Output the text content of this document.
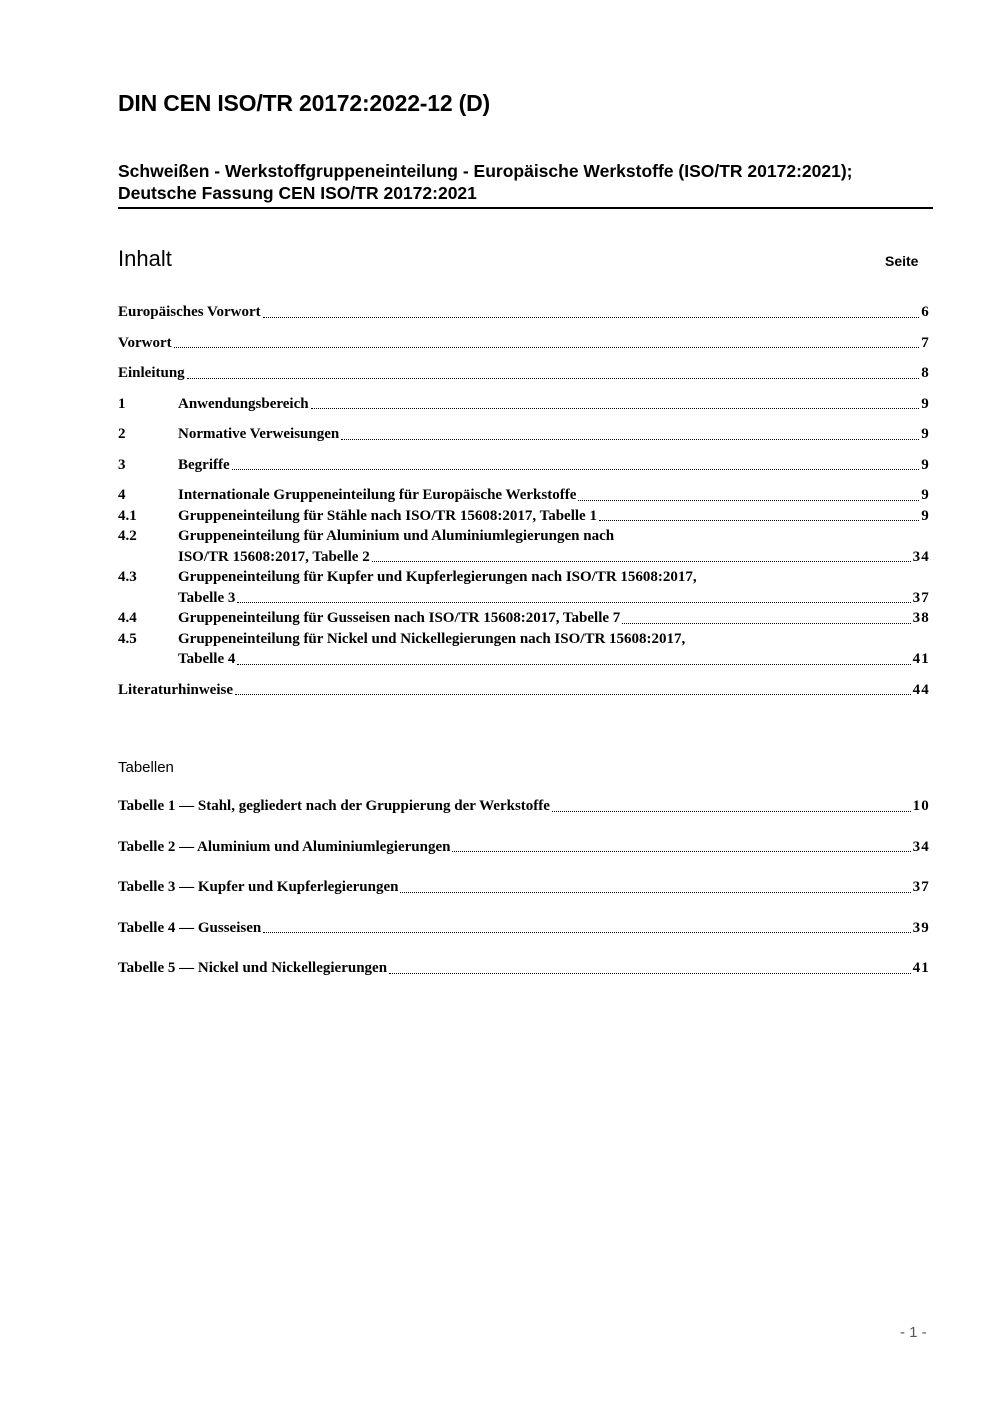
DIN CEN ISO/TR 20172:2022-12 (D)
Schweißen - Werkstoffgruppeneinteilung - Europäische Werkstoffe (ISO/TR 20172:2021); Deutsche Fassung CEN ISO/TR 20172:2021
Inhalt	Seite
Europäisches Vorwort	6
Vorwort	7
Einleitung	8
1	Anwendungsbereich	9
2	Normative Verweisungen	9
3	Begriffe	9
4	Internationale Gruppeneinteilung für Europäische Werkstoffe	9
4.1	Gruppeneinteilung für Stähle nach ISO/TR 15608:2017, Tabelle 1	9
4.2	Gruppeneinteilung für Aluminium und Aluminiumlegierungen nach
ISO/TR 15608:2017, Tabelle 2	34
4.3	Gruppeneinteilung für Kupfer und Kupferlegierungen nach ISO/TR 15608:2017,
Tabelle 3	37
4.4	Gruppeneinteilung für Gusseisen nach ISO/TR 15608:2017, Tabelle 7	38
4.5	Gruppeneinteilung für Nickel und Nickellegierungen nach ISO/TR 15608:2017,
Tabelle 4	41
Literaturhinweise	44
Tabellen
Tabelle 1 — Stahl, gegliedert nach der Gruppierung der Werkstoffe	10
Tabelle 2 — Aluminium und Aluminiumlegierungen	34
Tabelle 3 — Kupfer und Kupferlegierungen	37
Tabelle 4 — Gusseisen	39
Tabelle 5 — Nickel und Nickellegierungen	41
- 1 -
